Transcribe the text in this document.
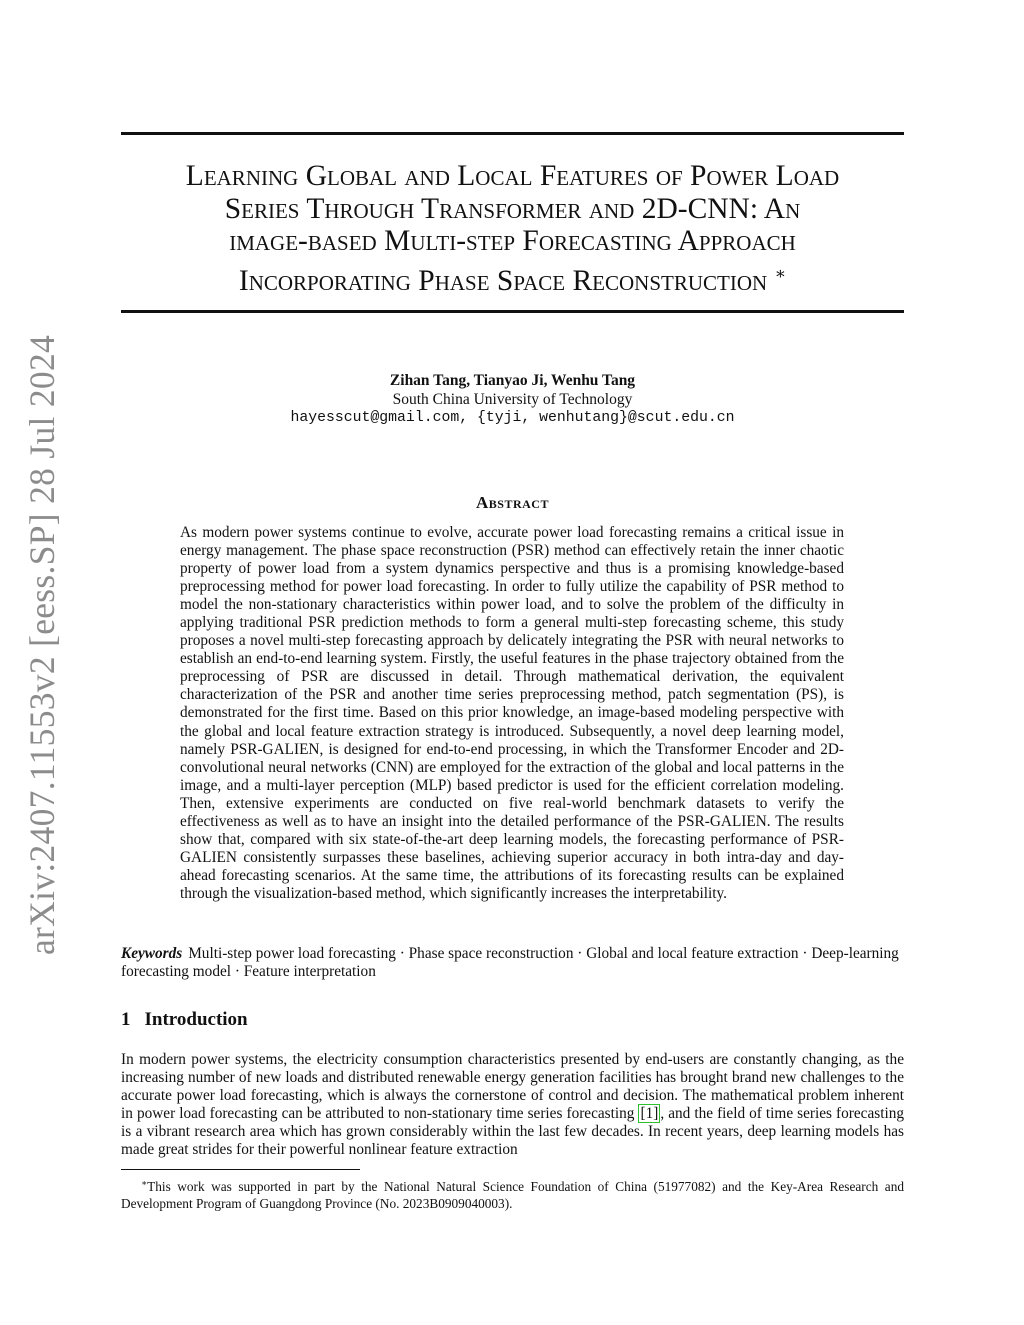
arXiv:2407.11553v2 [eess.SP] 28 Jul 2024
Learning Global and Local Features of Power Load
Series Through Transformer and 2D-CNN: An
image-based Multi-step Forecasting Approach
Incorporating Phase Space Reconstruction ∗
Zihan Tang, Tianyao Ji, Wenhu Tang
South China University of Technology
hayesscut@gmail.com, {tyji, wenhutang}@scut.edu.cn
Abstract
As modern power systems continue to evolve, accurate power load forecasting remains a critical issue in energy management. The phase space reconstruction (PSR) method can effectively retain the inner chaotic property of power load from a system dynamics perspective and thus is a promising knowledge-based preprocessing method for power load forecasting. In order to fully utilize the capability of PSR method to model the non-stationary characteristics within power load, and to solve the problem of the difficulty in applying traditional PSR prediction methods to form a general multi-step forecasting scheme, this study proposes a novel multi-step forecasting approach by delicately integrating the PSR with neural networks to establish an end-to-end learning system. Firstly, the useful features in the phase trajectory obtained from the preprocessing of PSR are discussed in detail. Through mathematical derivation, the equivalent characterization of the PSR and another time series preprocessing method, patch segmentation (PS), is demonstrated for the first time. Based on this prior knowledge, an image-based modeling perspective with the global and local feature extraction strategy is introduced. Subsequently, a novel deep learning model, namely PSR-GALIEN, is designed for end-to-end processing, in which the Transformer Encoder and 2D-convolutional neural networks (CNN) are employed for the extraction of the global and local patterns in the image, and a multi-layer perception (MLP) based predictor is used for the efficient correlation modeling. Then, extensive experiments are conducted on five real-world benchmark datasets to verify the effectiveness as well as to have an insight into the detailed performance of the PSR-GALIEN. The results show that, compared with six state-of-the-art deep learning models, the forecasting performance of PSR-GALIEN consistently surpasses these baselines, achieving superior accuracy in both intra-day and day-ahead forecasting scenarios. At the same time, the attributions of its forecasting results can be explained through the visualization-based method, which significantly increases the interpretability.
Keywords Multi-step power load forecasting · Phase space reconstruction · Global and local feature extraction · Deep-learning forecasting model · Feature interpretation
1 Introduction
In modern power systems, the electricity consumption characteristics presented by end-users are constantly changing, as the increasing number of new loads and distributed renewable energy generation facilities has brought brand new challenges to the accurate power load forecasting, which is always the cornerstone of control and decision. The mathematical problem inherent in power load forecasting can be attributed to non-stationary time series forecasting [1] , and the field of time series forecasting is a vibrant research area which has grown considerably within the last few decades. In recent years, deep learning models has made great strides for their powerful nonlinear feature extraction
∗This work was supported in part by the National Natural Science Foundation of China (51977082) and the Key-Area Research and Development Program of Guangdong Province (No. 2023B0909040003).
